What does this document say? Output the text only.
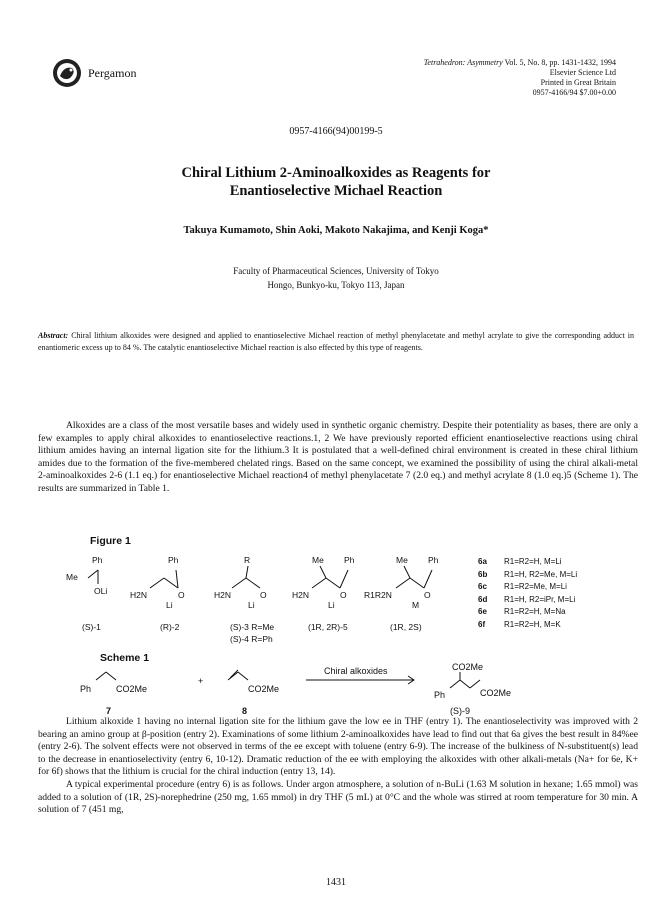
Pergamon
Tetrahedron: Asymmetry Vol. 5, No. 8, pp. 1431-1432, 1994
Elsevier Science Ltd
Printed in Great Britain
0957-4166/94 $7.00+0.00
0957-4166(94)00199-5
Chiral Lithium 2-Aminoalkoxides as Reagents for
Enantioselective Michael Reaction
Takuya Kumamoto, Shin Aoki, Makoto Nakajima, and Kenji Koga*
Faculty of Pharmaceutical Sciences, University of Tokyo
Hongo, Bunkyo-ku, Tokyo 113, Japan
Abstract: Chiral lithium alkoxides were designed and applied to enantioselective Michael reaction of methyl phenylacetate and methyl acrylate to give the corresponding adduct in enantiomeric excess up to 84 %. The catalytic enantioselective Michael reaction is also effected by this type of reagents.

Alkoxides are a class of the most versatile bases and widely used in synthetic organic chemistry. Despite their potentiality as bases, there are only a few examples to apply chiral alkoxides to enantioselective reactions.1, 2 We have previously reported efficient enantioselective reactions using chiral lithium amides having an internal ligation site for the lithium.3 It is postulated that a well-defined chiral environment is created in these chiral lithium amides due to the formation of the five-membered chelated rings. Based on the same concept, we examined the possibility of using the chiral alkali-metal 2-aminoalkoxides 2-6 (1.1 eq.) for enantioselective Michael reaction4 of methyl phenylacetate 7 (2.0 eq.) and methyl acrylate 8 (1.0 eq.)5 (Scheme 1). The results are summarized in Table 1.

Figure 1
Ph
Me
OLi
Ph
H2N	O
Li
R
H2N	O
Li
Me Ph
H2N	O
Li
Me Ph
R1R2N	O
M
(S)-1	(R)-2	(S)-3 R=Me
(S)-4 R=Ph
(1R, 2R)-5	(1R, 2S)
6a R1=R2=H, M=Li
6b R1=H, R2=Me, M=Li
6c R1=R2=Me, M=Li
6d R1=H, R2=iPr, M=Li
6e R1=R2=H, M=Na
6f R1=R2=H, M=K
Scheme 1
Ph	CO2Me
+
CO2Me
Chiral alkoxides	CO2Me
Ph	CO2Me
7	8	(S)-9

Lithium alkoxide 1 having no internal ligation site for the lithium gave the low ee in THF (entry 1). The enantioselectivity was improved with 2 bearing an amino group at β-position (entry 2). Examinations of some lithium 2-aminoalkoxides have lead to find out that 6a gives the best result in 84%ee (entry 2-6). The solvent effects were not observed in terms of the ee except with toluene (entry 6-9). The increase of the bulkiness of N-substituent(s) lead to the decrease in enantioselectivity (entry 6, 10-12). Dramatic reduction of the ee with employing the alkoxides with other alkali-metals (Na+ for 6e, K+ for 6f) shows that the lithium is crucial for the chiral induction (entry 13, 14).

A typical experimental procedure (entry 6) is as follows. Under argon atmosphere, a solution of n-BuLi (1.63 M solution in hexane; 1.65 mmol) was added to a solution of (1R, 2S)-norephedrine (250 mg, 1.65 mmol) in dry THF (5 mL) at 0°C and the whole was stirred at room temperature for 30 min. A solution of 7 (451 mg,

1431
